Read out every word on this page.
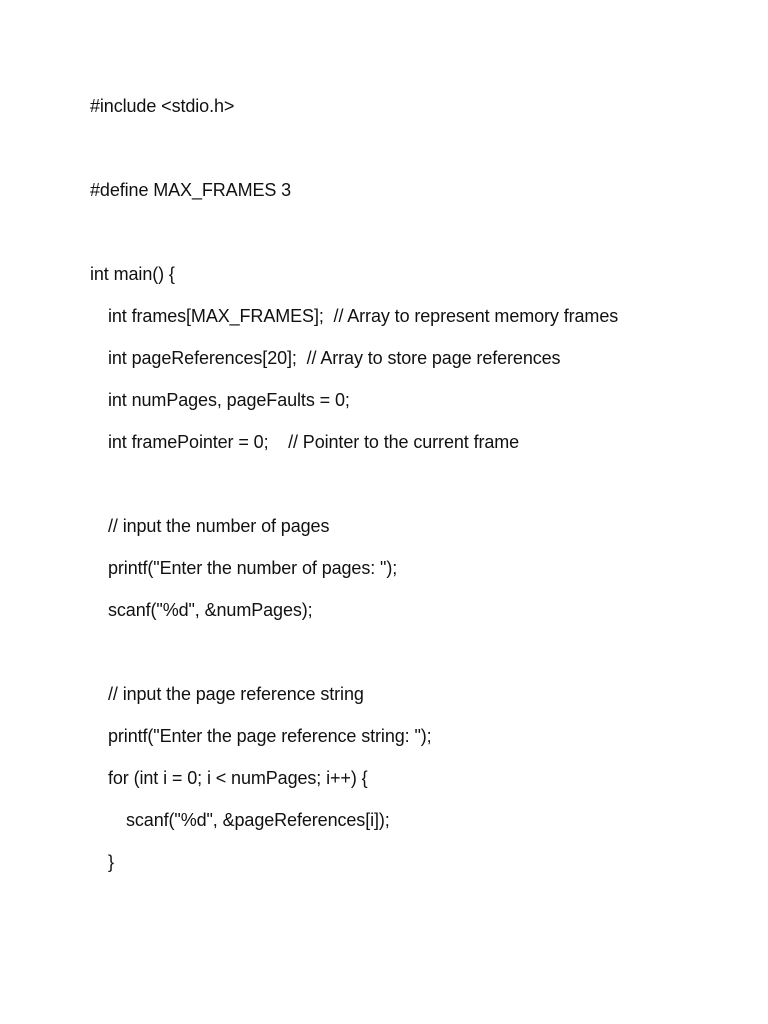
#include <stdio.h>
#define MAX_FRAMES 3
int main() {
int frames[MAX_FRAMES];  // Array to represent memory frames
int pageReferences[20];  // Array to store page references
int numPages, pageFaults = 0;
int framePointer = 0;    // Pointer to the current frame
// input the number of pages
printf("Enter the number of pages: ");
scanf("%d", &numPages);
// input the page reference string
printf("Enter the page reference string: ");
for (int i = 0; i < numPages; i++) {
scanf("%d", &pageReferences[i]);
}
